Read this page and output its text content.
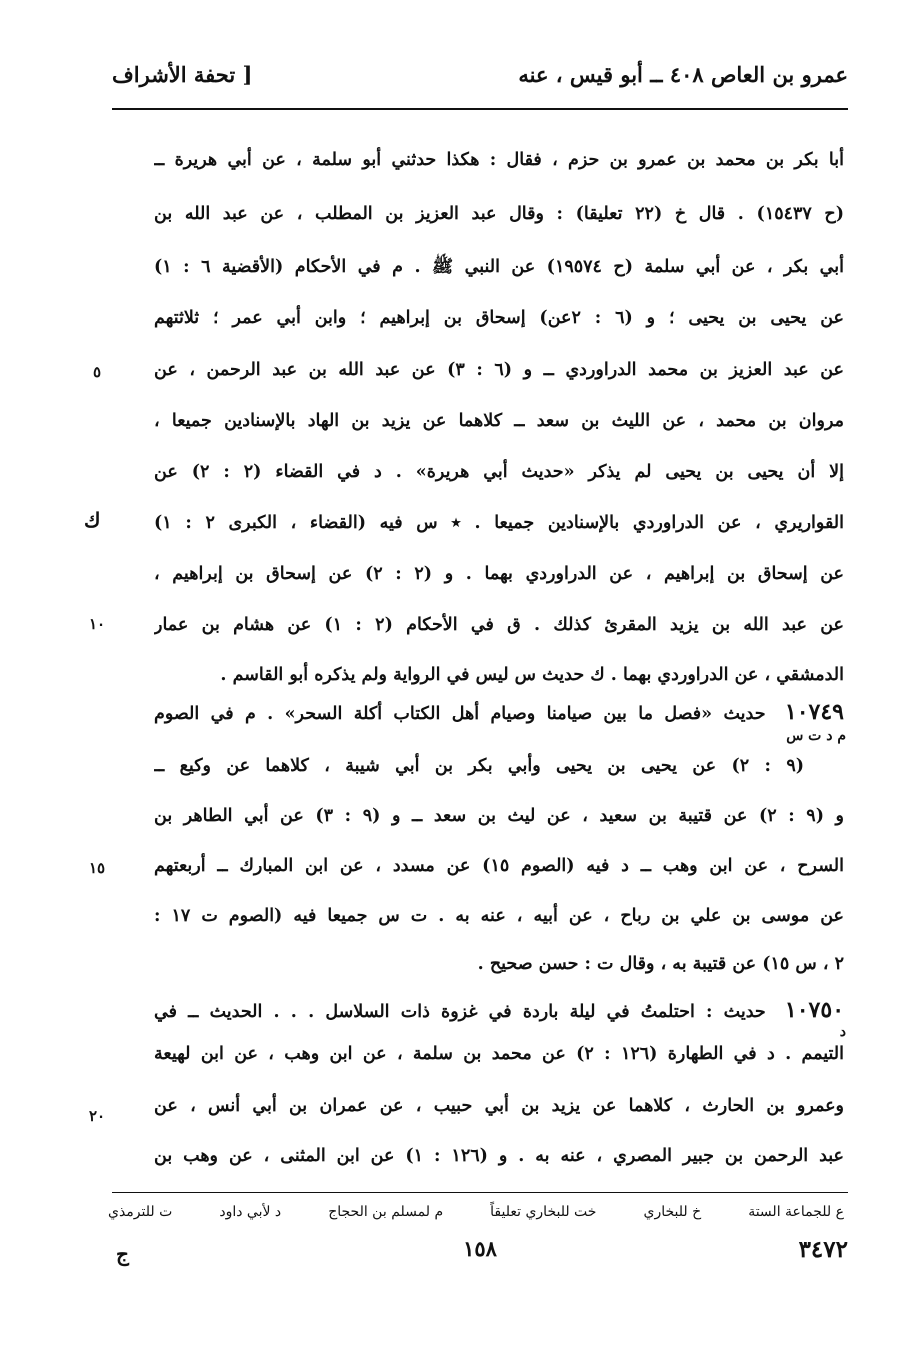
عمرو بن العاص ٤٠٨ ــ أبو قيس ، عنه
[ تحفة الأشراف
أبا بكر بن محمد بن عمرو بن حزم ، فقال : هكذا حدثني أبو سلمة ، عن أبي هريرة ــ
(ح ١٥٤٣٧) . قال خ (٢٢ تعليقا) : وقال عبد العزيز بن المطلب ، عن عبد الله بن
أبي بكر ، عن أبي سلمة (ح ١٩٥٧٤) عن النبي ﷺ . م في الأحكام (الأقضية ٦ : ١)
عن يحيى بن يحيى ؛ و (٦ : ٢عن) إسحاق بن إبراهيم ؛ وابن أبي عمر ؛ ثلاثتهم
عن عبد العزيز بن محمد الدراوردي ــ و (٦ : ٣) عن عبد الله بن عبد الرحمن ، عن
مروان بن محمد ، عن الليث بن سعد ــ كلاهما عن يزيد بن الهاد بالإسنادين جميعا ،
إلا أن يحيى بن يحيى لم يذكر «حديث أبي هريرة» . د في القضاء (٢ : ٢) عن
القواريري ، عن الدراوردي بالإسنادين جميعا . ٭ س فيه (القضاء ، الكبرى ٢ : ١)
عن إسحاق بن إبراهيم ، عن الدراوردي بهما . و (٢ : ٢) عن إسحاق بن إبراهيم ،
عن عبد الله بن يزيد المقرئ كذلك . ق في الأحكام (٢ : ١) عن هشام بن عمار
الدمشقي ، عن الدراوردي بهما . ك حديث س ليس في الرواية ولم يذكره أبو القاسم .
٥
ك
١٠
١٠٧٤٩ حديث «فصل ما بين صيامنا وصيام أهل الكتاب أكلة السحر» . م في الصوم
م د ت س
(٩ : ٢) عن يحيى بن يحيى وأبي بكر بن أبي شيبة ، كلاهما عن وكيع ــ
و (٩ : ٢) عن قتيبة بن سعيد ، عن ليث بن سعد ــ و (٩ : ٣) عن أبي الطاهر بن
السرح ، عن ابن وهب ــ د فيه (الصوم ١٥) عن مسدد ، عن ابن المبارك ــ أربعتهم
عن موسى بن علي بن رباح ، عن أبيه ، عنه به . ت س جميعا فيه (الصوم ت ١٧ :
٢ ، س ١٥) عن قتيبة به ، وقال ت : حسن صحيح .
١٥
١٠٧٥٠ حديث : احتلمتُ في ليلة باردة في غزوة ذات السلاسل . . . الحديث ــ في
د
التيمم . د في الطهارة (١٢٦ : ٢) عن محمد بن سلمة ، عن ابن وهب ، عن ابن لهيعة
وعمرو بن الحارث ، كلاهما عن يزيد بن أبي حبيب ، عن عمران بن أبي أنس ، عن
عبد الرحمن بن جبير المصري ، عنه به . و (١٢٦ : ١) عن ابن المثنى ، عن وهب بن
٢٠
ع للجماعة الستة
خ للبخاري
خت للبخاري تعليقاً
م لمسلم بن الحجاج
د لأبي داود
ت للترمذي
٣٤٧٢
١٥٨
ج
